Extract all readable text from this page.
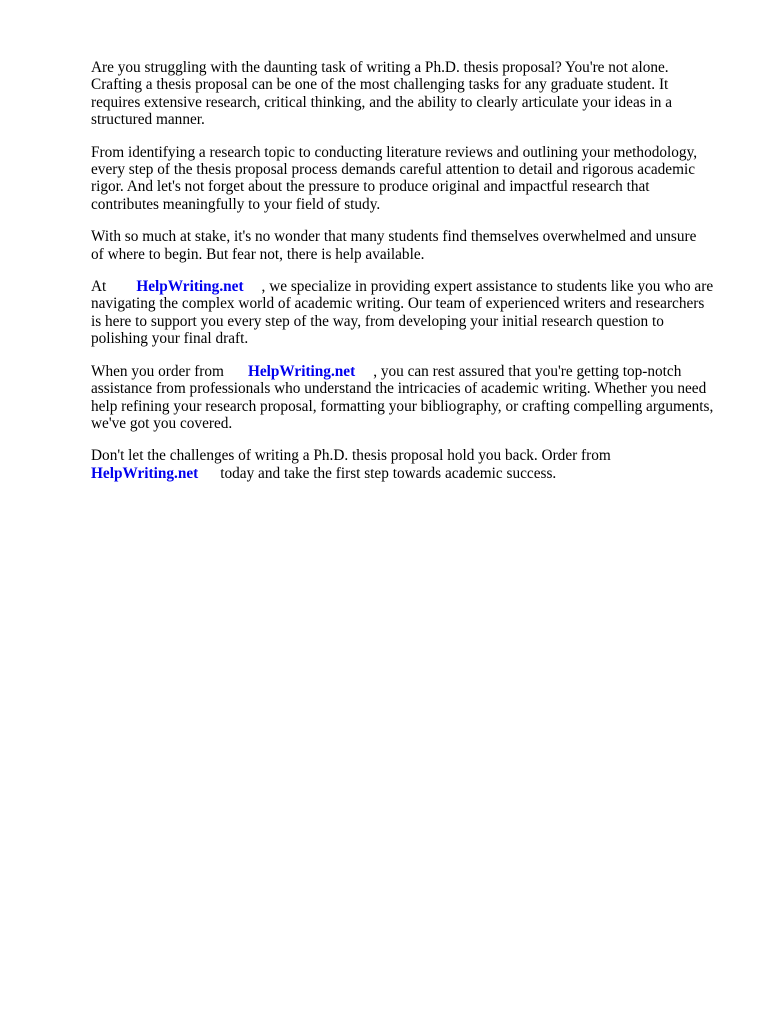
Are you struggling with the daunting task of writing a Ph.D. thesis proposal? You're not alone.
Crafting a thesis proposal can be one of the most challenging tasks for any graduate student. It
requires extensive research, critical thinking, and the ability to clearly articulate your ideas in a
structured manner.

From identifying a research topic to conducting literature reviews and outlining your methodology,
every step of the thesis proposal process demands careful attention to detail and rigorous academic
rigor. And let's not forget about the pressure to produce original and impactful research that
contributes meaningfully to your field of study.

With so much at stake, it's no wonder that many students find themselves overwhelmed and unsure
of where to begin. But fear not, there is help available.

At HelpWriting.net , we specialize in providing expert assistance to students like you who are
navigating the complex world of academic writing. Our team of experienced writers and researchers
is here to support you every step of the way, from developing your initial research question to
polishing your final draft.

When you order from HelpWriting.net , you can rest assured that you're getting top-notch
assistance from professionals who understand the intricacies of academic writing. Whether you need
help refining your research proposal, formatting your bibliography, or crafting compelling arguments,
we've got you covered.

Don't let the challenges of writing a Ph.D. thesis proposal hold you back. Order from
HelpWriting.net today and take the first step towards academic success.
